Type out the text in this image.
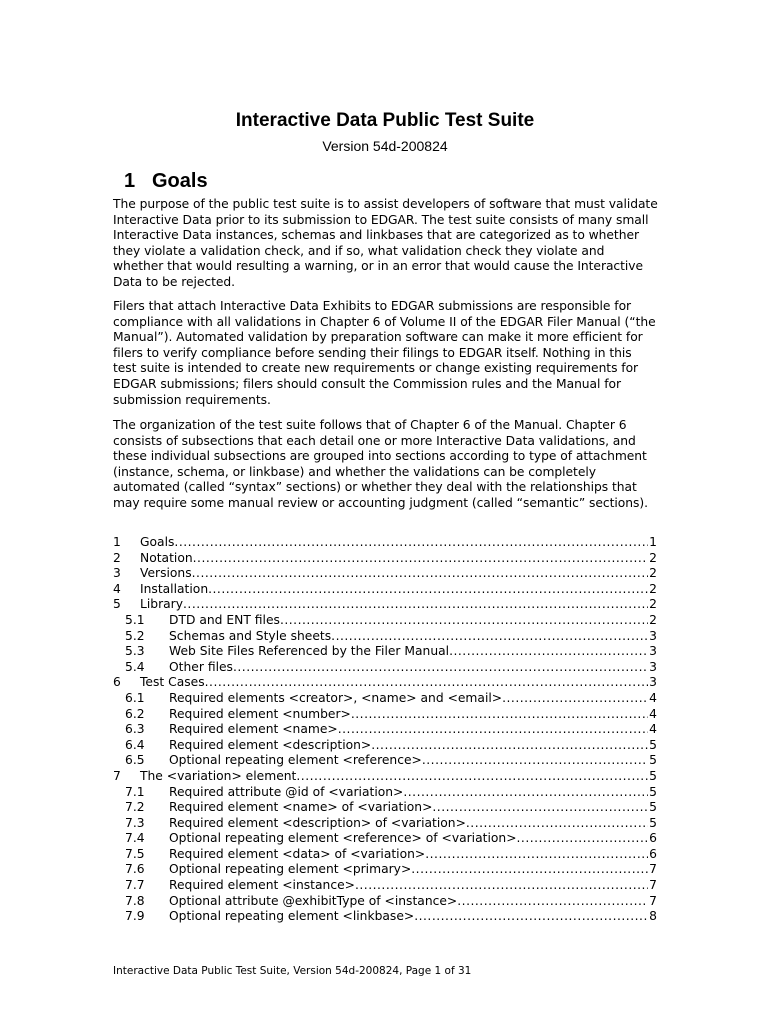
Interactive Data Public Test Suite
Version 54d-200824
1 Goals

The purpose of the public test suite is to assist developers of software that must validate Interactive Data prior to its submission to EDGAR. The test suite consists of many small Interactive Data instances, schemas and linkbases that are categorized as to whether they violate a validation check, and if so, what validation check they violate and whether that would resulting a warning, or in an error that would cause the Interactive Data to be rejected.

Filers that attach Interactive Data Exhibits to EDGAR submissions are responsible for compliance with all validations in Chapter 6 of Volume II of the EDGAR Filer Manual (“the Manual”). Automated validation by preparation software can make it more efficient for filers to verify compliance before sending their filings to EDGAR itself. Nothing in this test suite is intended to create new requirements or change existing requirements for EDGAR submissions; filers should consult the Commission rules and the Manual for submission requirements.

The organization of the test suite follows that of Chapter 6 of the Manual. Chapter 6 consists of subsections that each detail one or more Interactive Data validations, and these individual subsections are grouped into sections according to type of attachment (instance, schema, or linkbase) and whether the validations can be completely automated (called “syntax” sections) or whether they deal with the relationships that may require some manual review or accounting judgment (called “semantic” sections).

1	Goals .....	1
2	Notation .....	2
3	Versions .....	2
4	Installation .....	2
5	Library .....	2
5.1	DTD and ENT files .....	2
5.2	Schemas and Style sheets .....	3
5.3	Web Site Files Referenced by the Filer Manual .....	3
5.4	Other files .....	3
6	Test Cases .....	3
6.1	Required elements <creator>, <name> and <email> .....	4
6.2	Required element <number> .....	4
6.3	Required element <name> .....	4
6.4	Required element <description> .....	5
6.5	Optional repeating element <reference> .....	5
7	The <variation> element .....	5
7.1	Required attribute @id of <variation> .....	5
7.2	Required element <name> of <variation> .....	5
7.3	Required element <description> of <variation> .....	5
7.4	Optional repeating element <reference> of <variation> .....	6
7.5	Required element <data> of <variation> .....	6
7.6	Optional repeating element <primary> .....	7
7.7	Required element <instance> .....	7
7.8	Optional attribute @exhibitType of <instance> .....	7
7.9	Optional repeating element <linkbase> .....	8
Interactive Data Public Test Suite, Version 54d-200824, Page 1 of 31
